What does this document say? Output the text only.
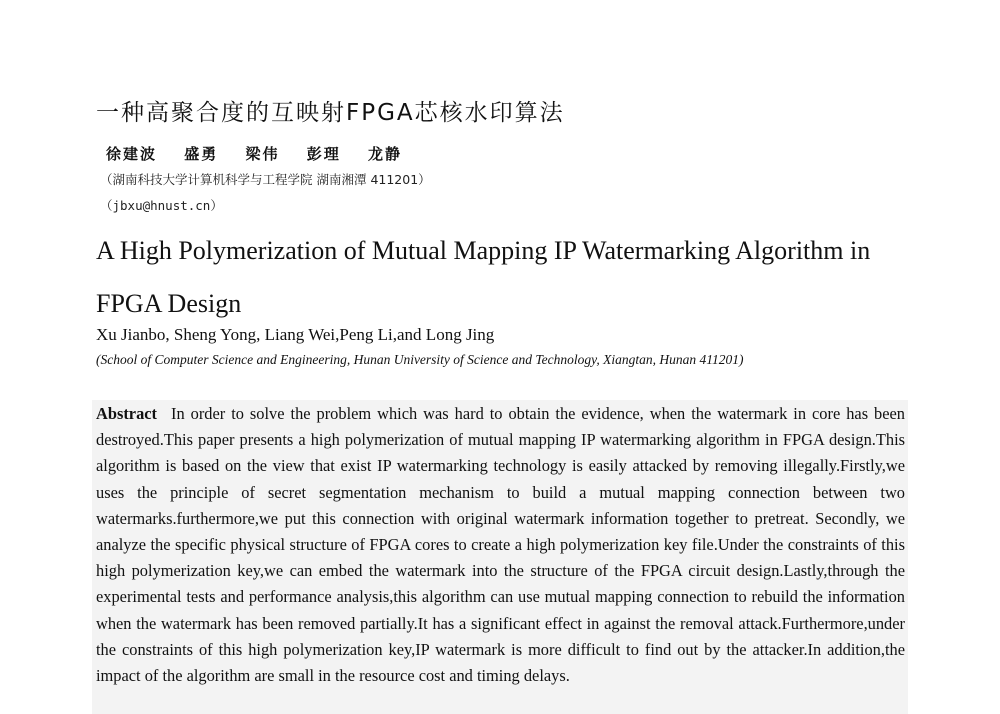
一种高聚合度的互映射FPGA芯核水印算法
徐建波 盛勇 梁伟 彭理 龙静
（湖南科技大学计算机科学与工程学院 湖南湘潭 411201）
（jbxu@hnust.cn）
A High Polymerization of Mutual Mapping IP Watermarking Algorithm in FPGA Design
Xu Jianbo, Sheng Yong, Liang Wei,Peng Li,and Long Jing
(School of Computer Science and Engineering, Hunan University of Science and Technology, Xiangtan, Hunan 411201)
Abstract In order to solve the problem which was hard to obtain the evidence, when the watermark in core has been destroyed.This paper presents a high polymerization of mutual mapping IP watermarking algorithm in FPGA design.This algorithm is based on the view that exist IP watermarking technology is easily attacked by removing illegally.Firstly,we uses the principle of secret segmentation mechanism to build a mutual mapping connection between two watermarks.furthermore,we put this connection with original watermark information together to pretreat. Secondly, we analyze the specific physical structure of FPGA cores to create a high polymerization key file.Under the constraints of this high polymerization key,we can embed the watermark into the structure of the FPGA circuit design.Lastly,through the experimental tests and performance analysis,this algorithm can use mutual mapping connection to rebuild the information when the watermark has been removed partially.It has a significant effect in against the removal attack.Furthermore,under the constraints of this high polymerization key,IP watermark is more difficult to find out by the attacker.In addition,the impact of the algorithm are small in the resource cost and timing delays.
